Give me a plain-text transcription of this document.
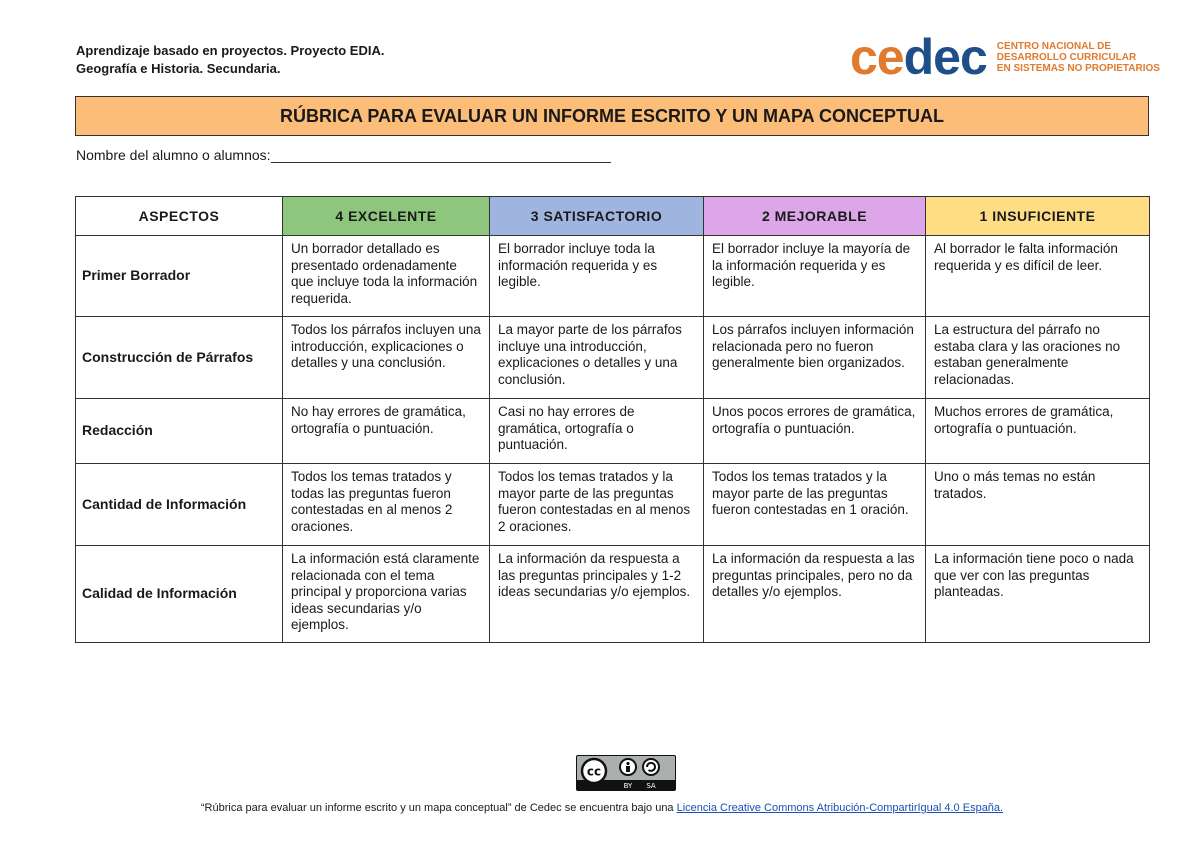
Aprendizaje basado en proyectos. Proyecto EDIA.
Geografía e Historia. Secundaria.	cedec CENTRO NACIONAL DE
DESARROLLO CURRICULAR
EN SISTEMAS NO PROPIETARIOS
RÚBRICA PARA EVALUAR UN INFORME ESCRITO Y UN MAPA CONCEPTUAL
Nombre del alumno o alumnos:
ASPECTOS	4 EXCELENTE	3 SATISFACTORIO	2 MEJORABLE	1 INSUFICIENTE
Primer Borrador	Un borrador detallado es presentado ordenadamente que incluye toda la información requerida.	El borrador incluye toda la información requerida y es legible.	El borrador incluye la mayoría de la información requerida y es legible.	Al borrador le falta información requerida y es difícil de leer.
Construcción de Párrafos	Todos los párrafos incluyen una introducción, explicaciones o detalles y una conclusión.	La mayor parte de los párrafos incluye una introducción, explicaciones o detalles y una conclusión.	Los párrafos incluyen información relacionada pero no fueron generalmente bien organizados.	La estructura del párrafo no estaba clara y las oraciones no estaban generalmente relacionadas.
Redacción	No hay errores de gramática, ortografía o puntuación.	Casi no hay errores de gramática, ortografía o puntuación.	Unos pocos errores de gramática, ortografía o puntuación.	Muchos errores de gramática, ortografía o puntuación.
Cantidad de Información	Todos los temas tratados y todas las preguntas fueron contestadas en al menos 2 oraciones.	Todos los temas tratados y la mayor parte de las preguntas fueron contestadas en al menos 2 oraciones.	Todos los temas tratados y la mayor parte de las preguntas fueron contestadas en 1 oración.	Uno o más temas no están tratados.
Calidad de Información	La información está claramente relacionada con el tema principal y proporciona varias ideas secundarias y/o ejemplos.	La información da respuesta a las preguntas principales y 1-2 ideas secundarias y/o ejemplos.	La información da respuesta a las preguntas principales, pero no da detalles y/o ejemplos.	La información tiene poco o nada que ver con las preguntas planteadas.
cc
BY SA
“Rúbrica para evaluar un informe escrito y un mapa conceptual” de Cedec se encuentra bajo una Licencia Creative Commons Atribución-CompartirIgual 4.0 España.
